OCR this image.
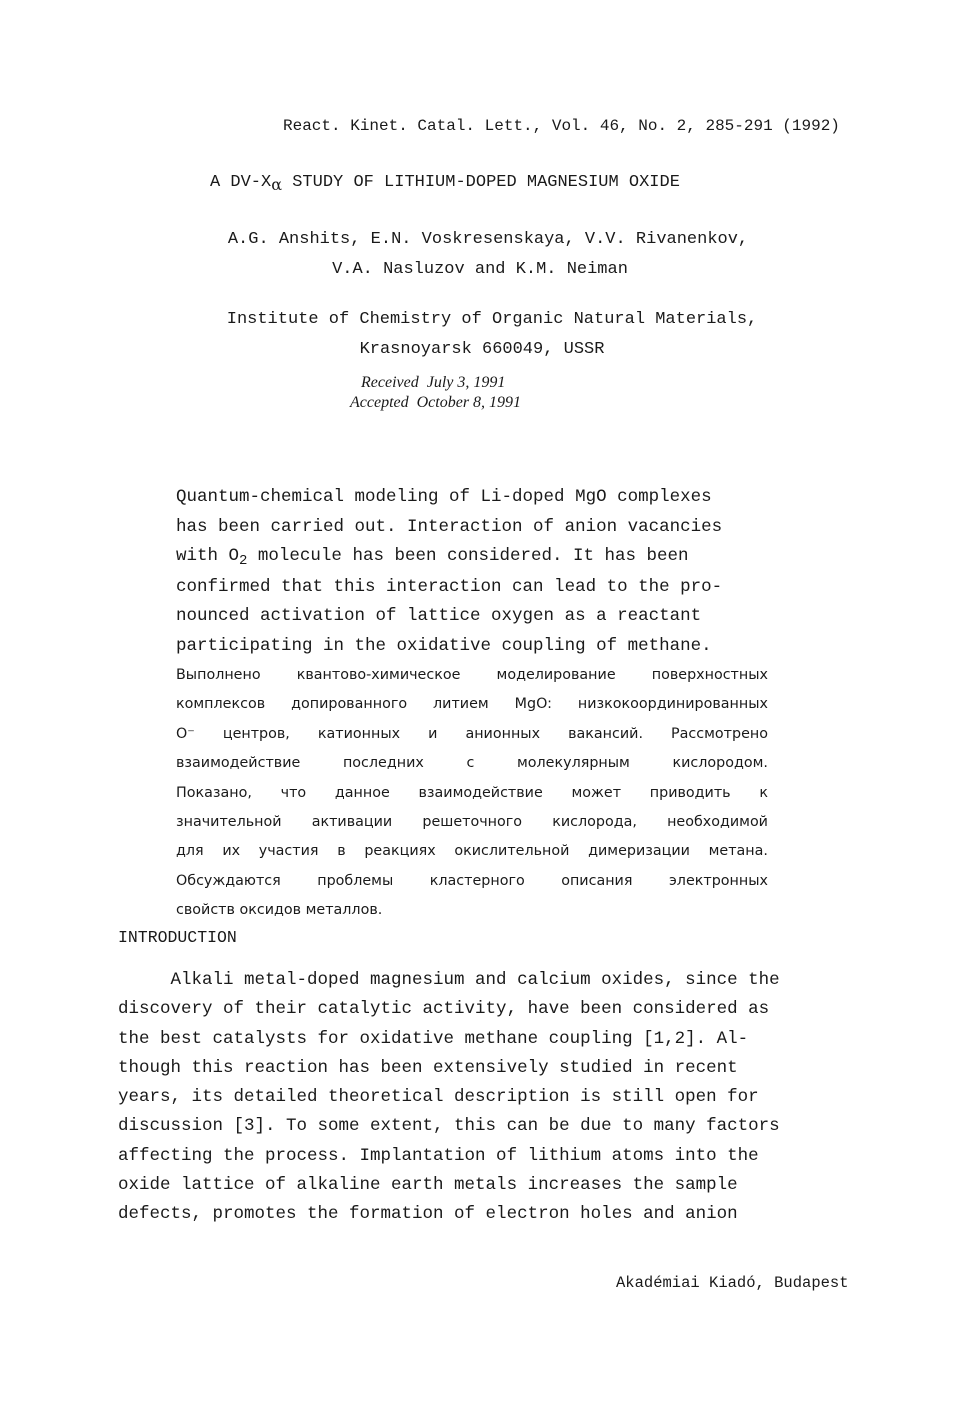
React. Kinet. Catal. Lett., Vol. 46, No. 2, 285-291 (1992)
A $DV-X_\alpha$ STUDY OF LITHIUM-DOPED MAGNESIUM OXIDE
A.G. Anshits, E.N. Voskresenskaya, V.V. Rivanenkov,
V.A. Nasluzov and K.M. Neiman
Institute of Chemistry of Organic Natural Materials,
Krasnoyarsk 660049, USSR
Received  July 3, 1991
Accepted  October 8, 1991
Quantum-chemical modeling of Li-doped MgO complexes
has been carried out. Interaction of anion vacancies
with $O_2$ molecule has been considered. It has been
confirmed that this interaction can lead to the pro-
nounced activation of lattice oxygen as a reactant
participating in the oxidative coupling of methane.
Выполнено	квантово-химическое	моделирование	поверхностных
комплексов допированного литием MgO: низкокоординированных
O⁻ центров, катионных и анионных вакансий. Рассмотрено
взаимодействие	последних	с	молекулярным	кислородом.
Показано, что данное взаимодействие может приводить к
значительной активации решеточного кислорода, необходимой
для их участия в реакциях окислительной димеризации метана.
Обсуждаются	проблемы	кластерного	описания	электронных
свойств оксидов металлов.
INTRODUCTION
Alkali metal-doped magnesium and calcium oxides, since the
discovery of their catalytic activity, have been considered as
the best catalysts for oxidative methane coupling [1,2]. Al-
though this reaction has been extensively studied in recent
years, its detailed theoretical description is still open for
discussion [3]. To some extent, this can be due to many factors
affecting the process. Implantation of lithium atoms into the
oxide lattice of alkaline earth metals increases the sample
defects, promotes the formation of electron holes and anion
Akadémiai Kiadó, Budapest
